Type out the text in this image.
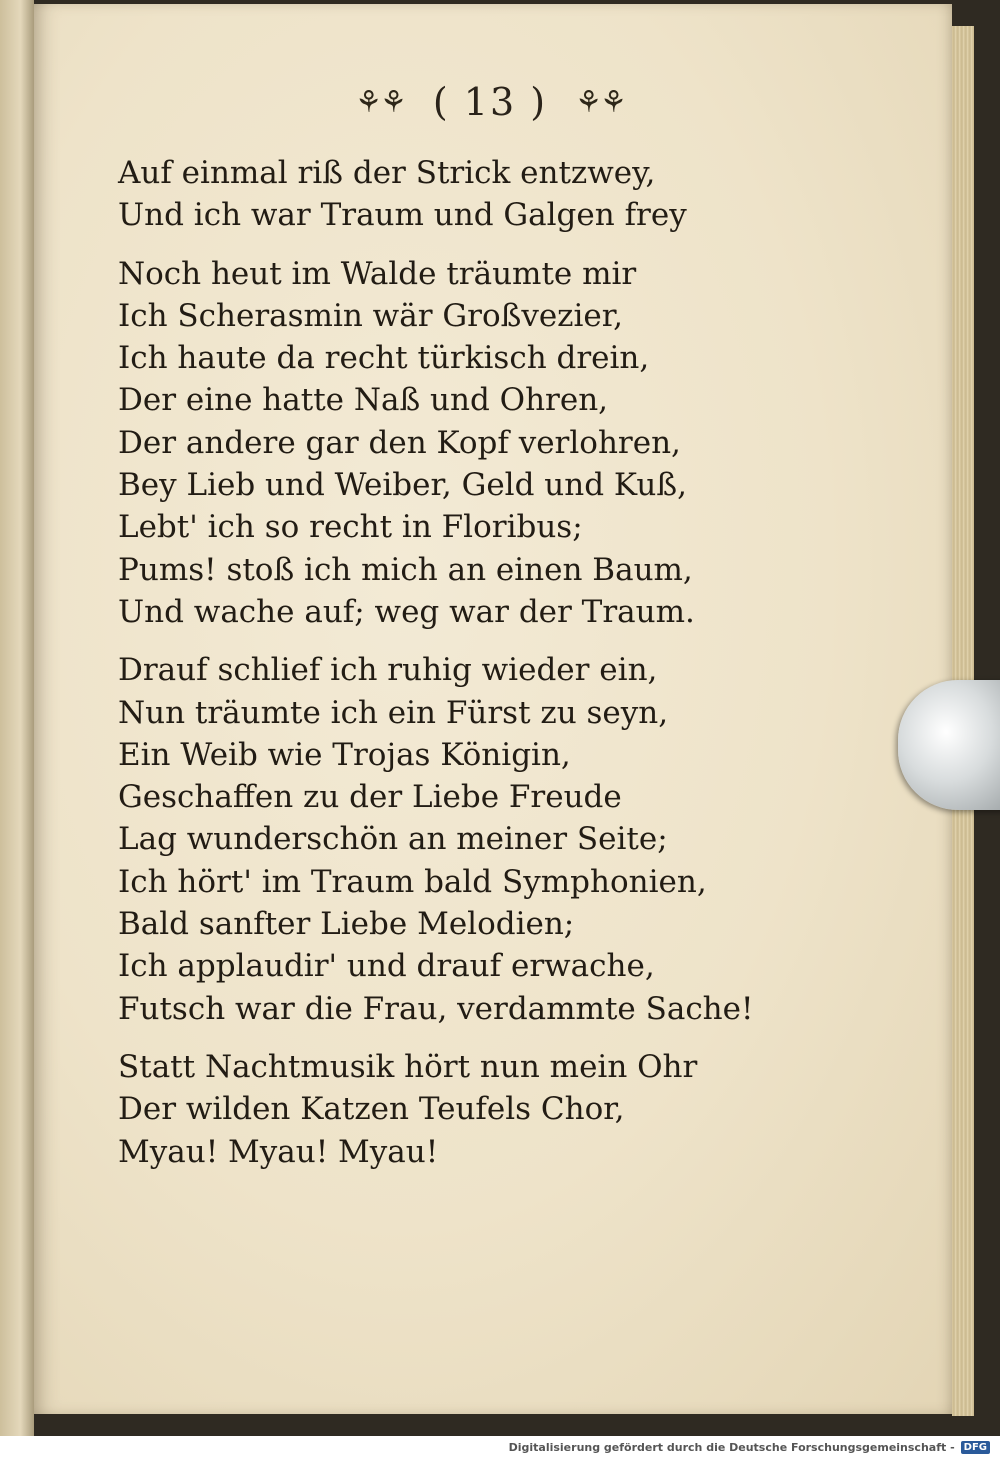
⚘⚘ ( 13 ) ⚘⚘
Auf einmal riß der Strick entzwey,
Und ich war Traum und Galgen frey
Noch heut im Walde träumte mir
Ich Scherasmin wär Großvezier,
Ich haute da recht türkisch drein,
Der eine hatte Naß und Ohren,
Der andere gar den Kopf verlohren,
Bey Lieb und Weiber, Geld und Kuß,
Lebt' ich so recht in Floribus;
Pums! stoß ich mich an einen Baum,
Und wache auf; weg war der Traum.
Drauf schlief ich ruhig wieder ein,
Nun träumte ich ein Fürst zu seyn,
Ein Weib wie Trojas Königin,
Geschaffen zu der Liebe Freude
Lag wunderschön an meiner Seite;
Ich hört' im Traum bald Symphonien,
Bald sanfter Liebe Melodien;
Ich applaudir' und drauf erwache,
Futsch war die Frau, verdammte Sache!
Statt Nachtmusik hört nun mein Ohr
Der wilden Katzen Teufels Chor,
Myau! Myau! Myau!
Digitalisierung gefördert durch die Deutsche Forschungsgemeinschaft - DFG
